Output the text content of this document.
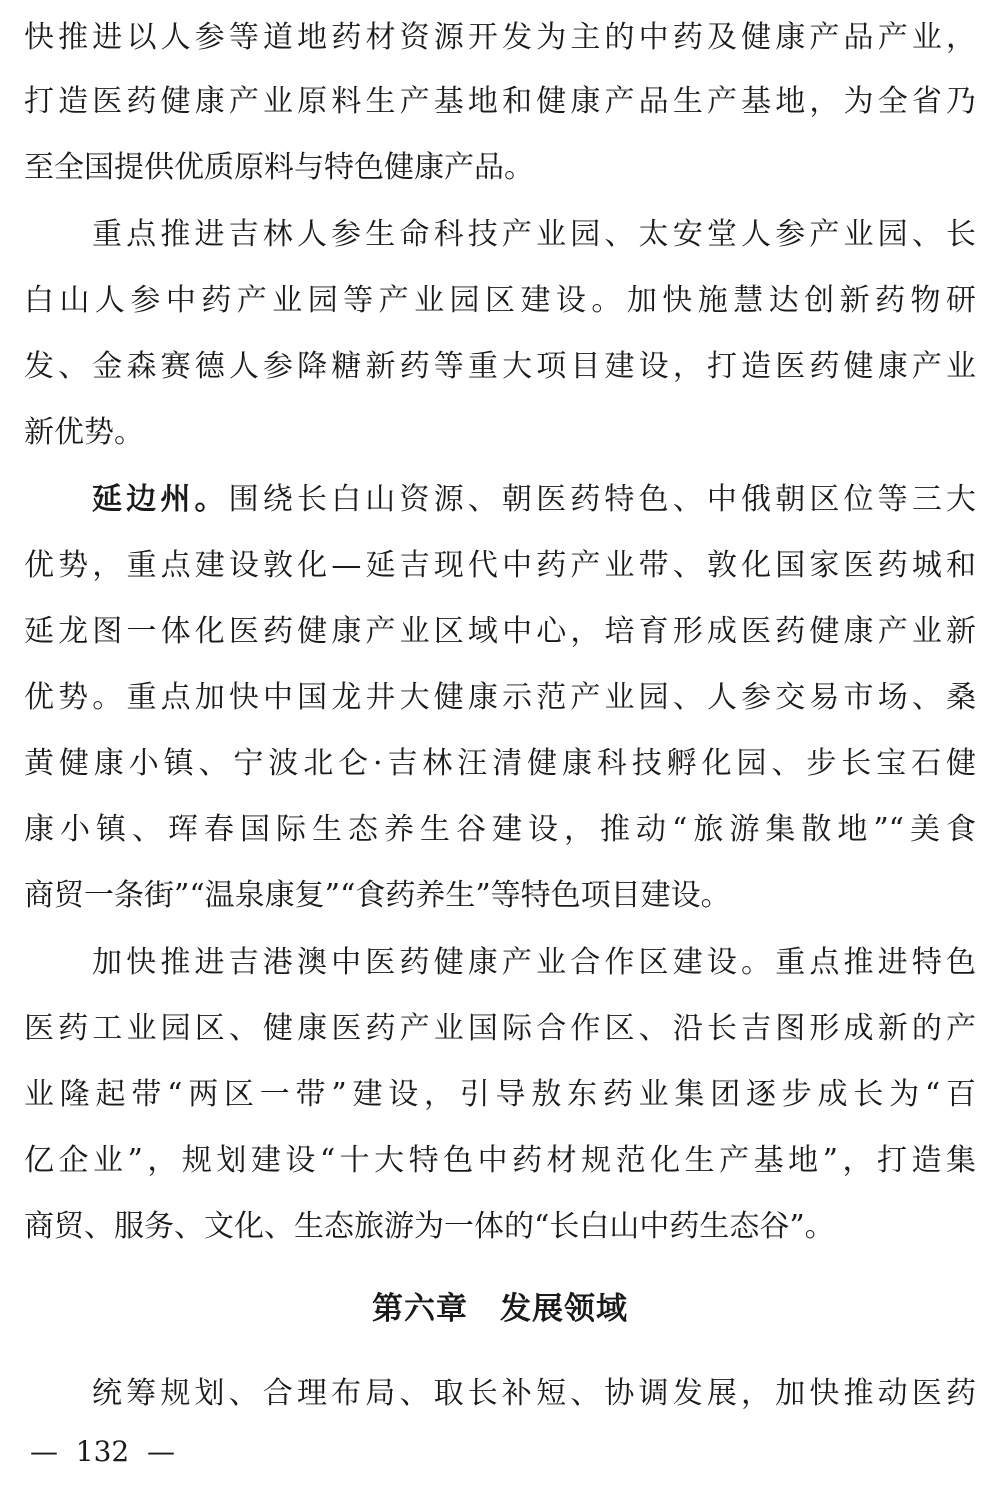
快推进以人参等道地药材资源开发为主的中药及健康产品产业，
打造医药健康产业原料生产基地和健康产品生产基地，为全省乃
至全国提供优质原料与特色健康产品。
重点推进吉林人参生命科技产业园、太安堂人参产业园、长
白山人参中药产业园等产业园区建设。加快施慧达创新药物研
发、金森赛德人参降糖新药等重大项目建设，打造医药健康产业
新优势。
延边州。围绕长白山资源、朝医药特色、中俄朝区位等三大
优势，重点建设敦化—延吉现代中药产业带、敦化国家医药城和
延龙图一体化医药健康产业区域中心，培育形成医药健康产业新
优势。重点加快中国龙井大健康示范产业园、人参交易市场、桑
黄健康小镇、宁波北仑·吉林汪清健康科技孵化园、步长宝石健
康小镇、珲春国际生态养生谷建设，推动“旅游集散地”“美食
商贸一条街”“温泉康复”“食药养生”等特色项目建设。
加快推进吉港澳中医药健康产业合作区建设。重点推进特色
医药工业园区、健康医药产业国际合作区、沿长吉图形成新的产
业隆起带“两区一带”建设，引导敖东药业集团逐步成长为“百
亿企业”，规划建设“十大特色中药材规范化生产基地”，打造集
商贸、服务、文化、生态旅游为一体的“长白山中药生态谷”。
第六章　发展领域
统筹规划、合理布局、取长补短、协调发展，加快推动医药
—  132  —
